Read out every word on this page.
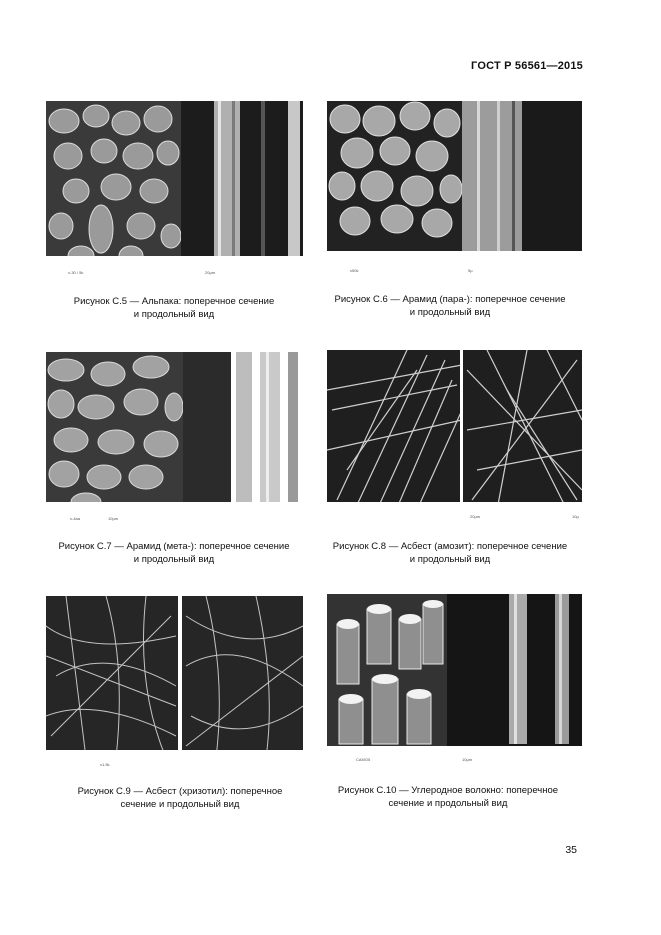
ГОСТ Р 56561—2015
x-30 / 5k	20µm
Рисунок С.5 — Альпака: поперечное сечение
и продольный вид
x50k	5µ
Рисунок С.6 — Арамид (пара-): поперечное сечение
и продольный вид
x-4aa	10µm
Рисунок С.7 — Арамид (мета-): поперечное сечение
и продольный вид
20µm	10µ
Рисунок С.8 — Асбест (амозит): поперечное сечение
и продольный вид
x1.5k
Рисунок С.9 — Асбест (хризотил): поперечное
сечение и продольный вид
CAMO5	10µm
Рисунок С.10 — Углеродное волокно: поперечное
сечение и продольный вид
35
